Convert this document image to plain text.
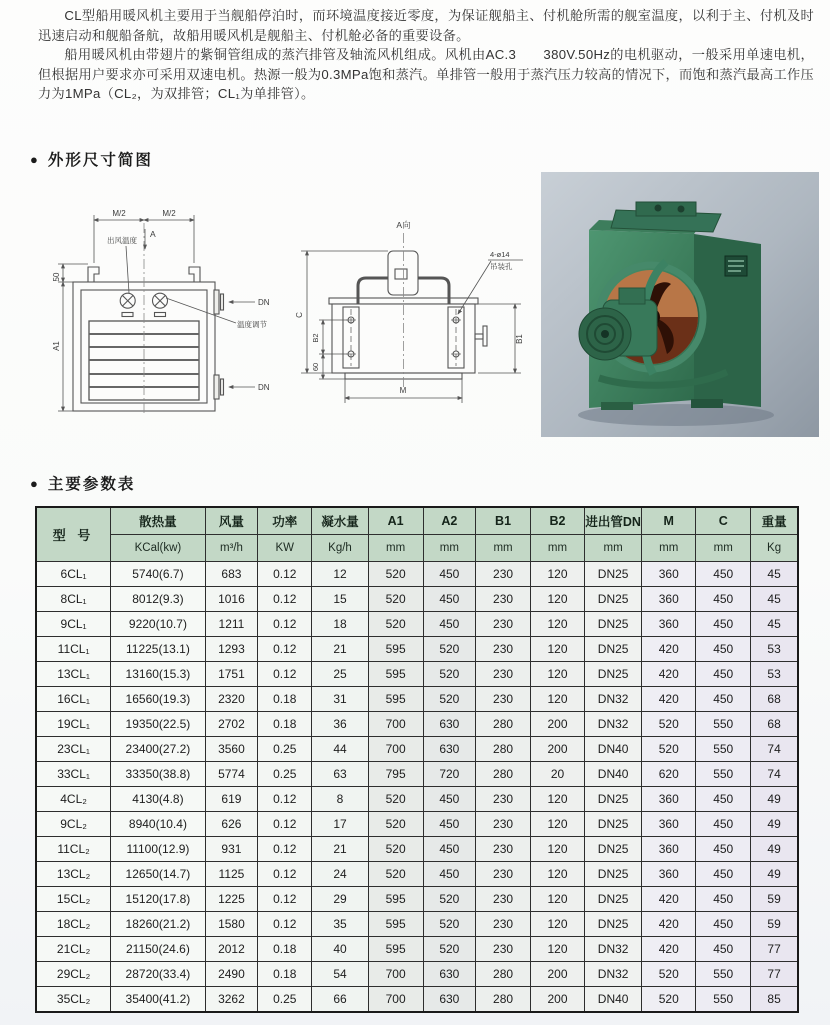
CL型船用暖风机主要用于当舰船停泊时，而环境温度接近零度，为保证舰船主、付机舱所需的舰室温度，以利于主、付机及时迅速启动和舰船备航，故船用暖风机是舰船主、付机舱必备的重要设备。

船用暖风机由带翅片的紫铜管组成的蒸汽排管及轴流风机组成。风机由AC.3　　380V.50Hz的电机驱动，一般采用单速电机，但根据用户要求亦可采用双速电机。热源一般为0.3MPa饱和蒸汽。单排管一般用于蒸汽压力较高的情况下，而饱和蒸汽最高工作压力为1MPa（CL₂，为双排管；CL₁为单排管）。

● 外形尺寸简图
M/2	M/2
A
出风温度
温度调节
50
A1
DN
DN
A向
4-ø14
吊装孔
C
B2
60
B1
M
● 主要参数表
型 号	散热量	风量	功率	凝水量	A1	A2	B1	B2	进出管DN	M	C	重量
	KCal(kw)	m³/h	KW	Kg/h	mm	mm	mm	mm	mm	mm	mm	Kg
6CL₁	5740(6.7)	683	0.12	12	520	450	230	120	DN25	360	450	45
8CL₁	8012(9.3)	1016	0.12	15	520	450	230	120	DN25	360	450	45
9CL₁	9220(10.7)	1211	0.12	18	520	450	230	120	DN25	360	450	45
11CL₁	11225(13.1)	1293	0.12	21	595	520	230	120	DN25	420	450	53
13CL₁	13160(15.3)	1751	0.12	25	595	520	230	120	DN25	420	450	53
16CL₁	16560(19.3)	2320	0.18	31	595	520	230	120	DN32	420	450	68
19CL₁	19350(22.5)	2702	0.18	36	700	630	280	200	DN32	520	550	68
23CL₁	23400(27.2)	3560	0.25	44	700	630	280	200	DN40	520	550	74
33CL₁	33350(38.8)	5774	0.25	63	795	720	280	20	DN40	620	550	74
4CL₂	4130(4.8)	619	0.12	8	520	450	230	120	DN25	360	450	49
9CL₂	8940(10.4)	626	0.12	17	520	450	230	120	DN25	360	450	49
11CL₂	11100(12.9)	931	0.12	21	520	450	230	120	DN25	360	450	49
13CL₂	12650(14.7)	1125	0.12	24	520	450	230	120	DN25	360	450	49
15CL₂	15120(17.8)	1225	0.12	29	595	520	230	120	DN25	420	450	59
18CL₂	18260(21.2)	1580	0.12	35	595	520	230	120	DN25	420	450	59
21CL₂	21150(24.6)	2012	0.18	40	595	520	230	120	DN32	420	450	77
29CL₂	28720(33.4)	2490	0.18	54	700	630	280	200	DN32	520	550	77
35CL₂	35400(41.2)	3262	0.25	66	700	630	280	200	DN40	520	550	85
